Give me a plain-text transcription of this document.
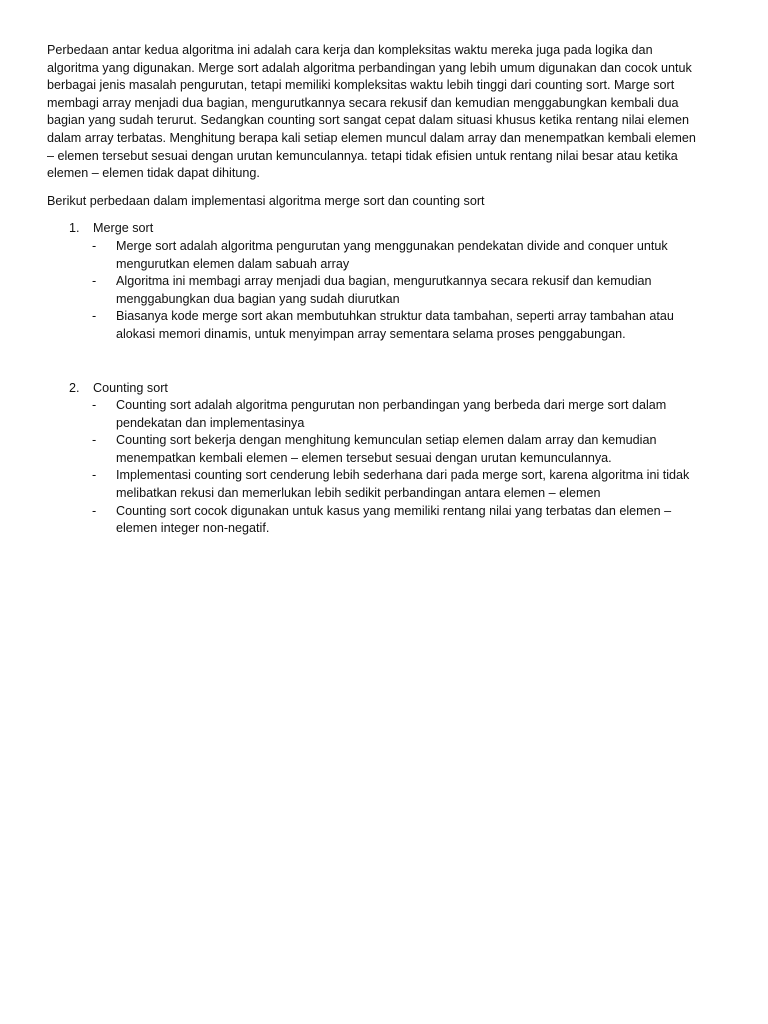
Perbedaan antar kedua algoritma ini adalah cara kerja dan kompleksitas waktu mereka juga pada logika dan
algoritma yang digunakan. Merge sort adalah algoritma perbandingan yang lebih umum digunakan dan cocok untuk
berbagai jenis masalah pengurutan, tetapi memiliki kompleksitas waktu lebih tinggi dari counting sort. Marge sort
membagi array menjadi dua bagian, mengurutkannya secara rekusif dan kemudian menggabungkan kembali dua
bagian yang sudah terurut. Sedangkan counting sort sangat cepat dalam situasi khusus ketika rentang nilai elemen
dalam array terbatas. Menghitung berapa kali setiap elemen muncul dalam array dan menempatkan kembali elemen
– elemen tersebut sesuai dengan urutan kemunculannya. tetapi tidak efisien untuk rentang nilai besar atau ketika
elemen – elemen tidak dapat dihitung.

Berikut perbedaan dalam implementasi algoritma merge sort dan counting sort

1. Merge sort
- Merge sort adalah algoritma pengurutan yang menggunakan pendekatan divide and conquer untuk
mengurutkan elemen dalam sabuah array
- Algoritma ini membagi array menjadi dua bagian, mengurutkannya secara rekusif dan kemudian
menggabungkan dua bagian yang sudah diurutkan
- Biasanya kode merge sort akan membutuhkan struktur data tambahan, seperti array tambahan atau
alokasi memori dinamis, untuk menyimpan array sementara selama proses penggabungan.
2. Counting sort
- Counting sort adalah algoritma pengurutan non perbandingan yang berbeda dari merge sort dalam
pendekatan dan implementasinya
- Counting sort bekerja dengan menghitung kemunculan setiap elemen dalam array dan kemudian
menempatkan kembali elemen – elemen tersebut sesuai dengan urutan kemunculannya.
- Implementasi counting sort cenderung lebih sederhana dari pada merge sort, karena algoritma ini tidak
melibatkan rekusi dan memerlukan lebih sedikit perbandingan antara elemen – elemen
- Counting sort cocok digunakan untuk kasus yang memiliki rentang nilai yang terbatas dan elemen –
elemen integer non-negatif.
